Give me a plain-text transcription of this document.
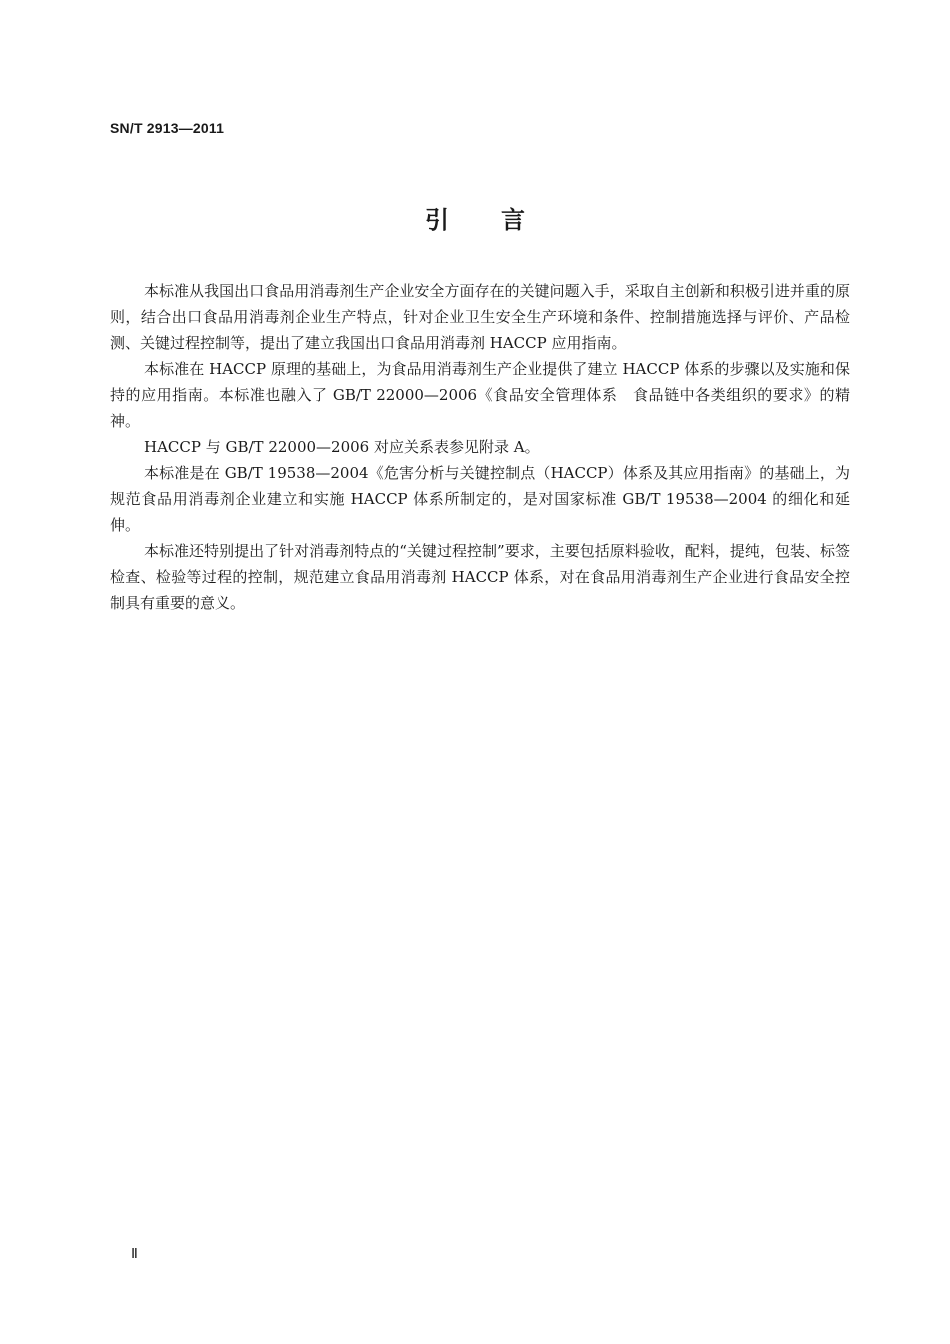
SN/T 2913—2011
引言

本标准从我国出口食品用消毒剂生产企业安全方面存在的关键问题入手，采取自主创新和积极引进并重的原则，结合出口食品用消毒剂企业生产特点，针对企业卫生安全生产环境和条件、控制措施选择与评价、产品检测、关键过程控制等，提出了建立我国出口食品用消毒剂 HACCP 应用指南。

本标准在 HACCP 原理的基础上，为食品用消毒剂生产企业提供了建立 HACCP 体系的步骤以及实施和保持的应用指南。本标准也融入了 GB/T 22000—2006《食品安全管理体系　食品链中各类组织的要求》的精神。

HACCP 与 GB/T 22000—2006 对应关系表参见附录 A。

本标准是在 GB/T 19538—2004《危害分析与关键控制点（HACCP）体系及其应用指南》的基础上，为规范食品用消毒剂企业建立和实施 HACCP 体系所制定的，是对国家标准 GB/T 19538—2004 的细化和延伸。

本标准还特别提出了针对消毒剂特点的“关键过程控制”要求，主要包括原料验收，配料，提纯，包装、标签检查、检验等过程的控制，规范建立食品用消毒剂 HACCP 体系，对在食品用消毒剂生产企业进行食品安全控制具有重要的意义。

Ⅱ
